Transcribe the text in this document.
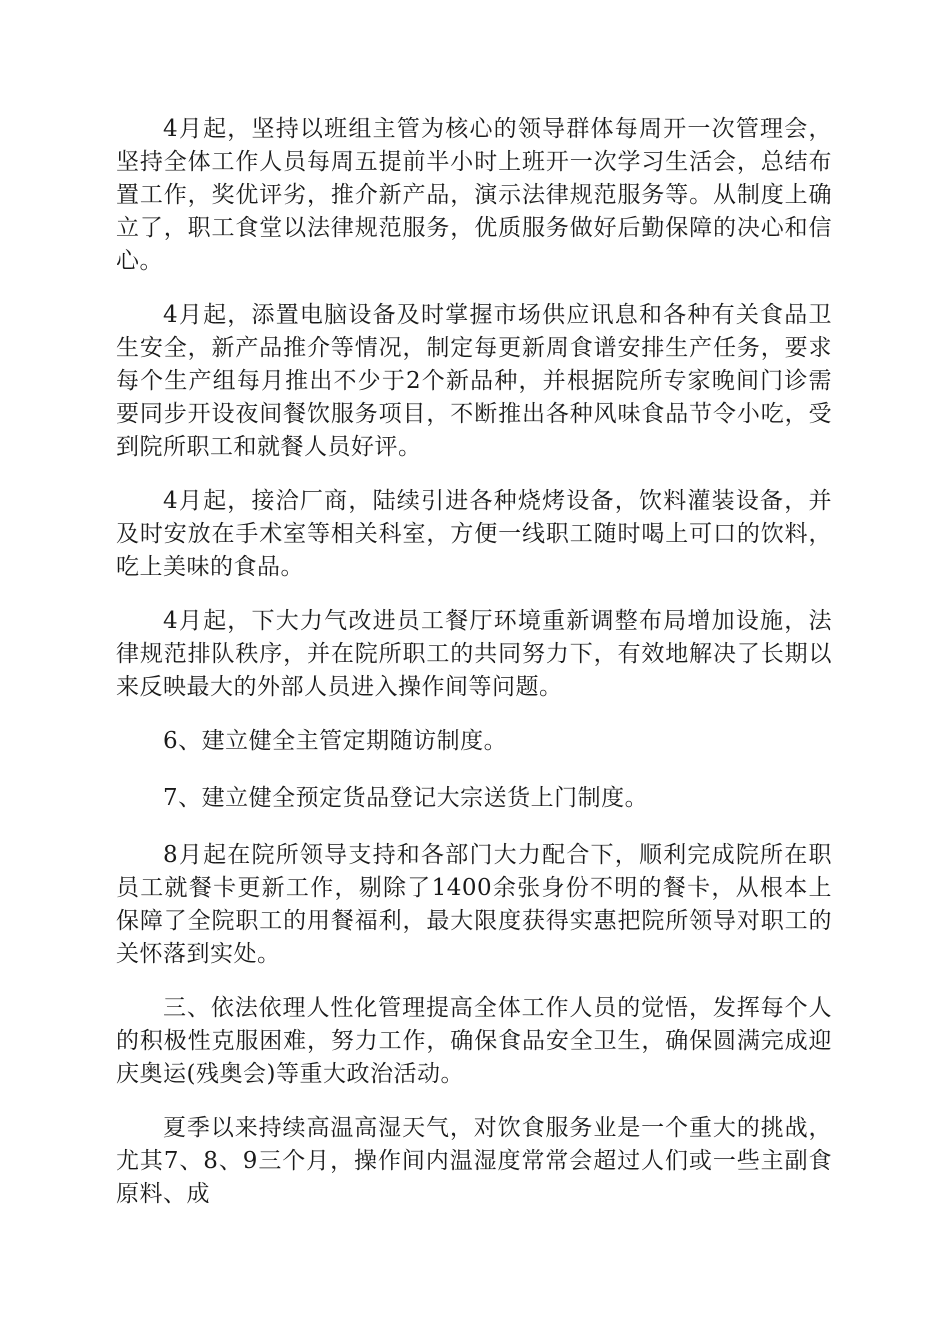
4月起，坚持以班组主管为核心的领导群体每周开一次管理会，坚持全体工作人员每周五提前半小时上班开一次学习生活会，总结布置工作，奖优评劣，推介新产品，演示法律规范服务等。从制度上确立了，职工食堂以法律规范服务，优质服务做好后勤保障的决心和信心。

4月起，添置电脑设备及时掌握市场供应讯息和各种有关食品卫生安全，新产品推介等情况，制定每更新周食谱安排生产任务，要求每个生产组每月推出不少于2个新品种，并根据院所专家晚间门诊需要同步开设夜间餐饮服务项目，不断推出各种风味食品节令小吃，受到院所职工和就餐人员好评。

4月起，接洽厂商，陆续引进各种烧烤设备，饮料灌装设备，并及时安放在手术室等相关科室，方便一线职工随时喝上可口的饮料，吃上美味的食品。

4月起，下大力气改进员工餐厅环境重新调整布局增加设施，法律规范排队秩序，并在院所职工的共同努力下，有效地解决了长期以来反映最大的外部人员进入操作间等问题。

6、建立健全主管定期随访制度。

7、建立健全预定货品登记大宗送货上门制度。

8月起在院所领导支持和各部门大力配合下，顺利完成院所在职员工就餐卡更新工作，剔除了1400余张身份不明的餐卡，从根本上保障了全院职工的用餐福利，最大限度获得实惠把院所领导对职工的关怀落到实处。

三、依法依理人性化管理提高全体工作人员的觉悟，发挥每个人的积极性克服困难，努力工作，确保食品安全卫生，确保圆满完成迎庆奥运(残奥会)等重大政治活动。

夏季以来持续高温高湿天气，对饮食服务业是一个重大的挑战，尤其7、8、9三个月，操作间内温湿度常常会超过人们或一些主副食原料、成
